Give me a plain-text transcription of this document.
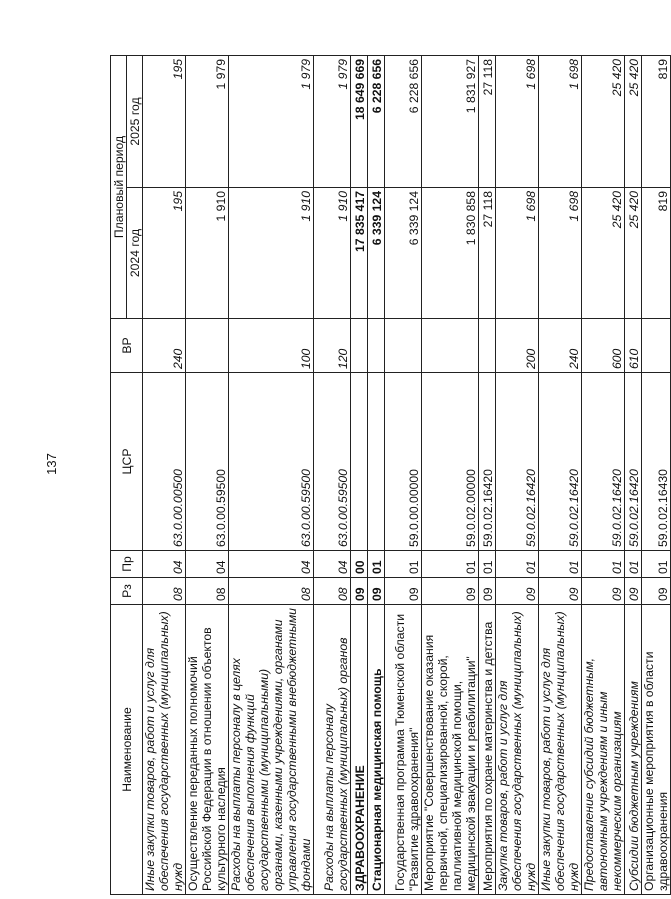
137
Наименование	Рз	Пр	ЦСР	ВР	Плановый период	
					2024 год	2025 год
Иные закупки товаров, работ и услуг для обеспечения государственных (муниципальных) нужд	08	04	63.0.00.00500	240	195	195
Осуществление переданных полномочий Российской Федерации в отношении объектов культурного наследия	08	04	63.0.00.59500		1 910	1 979
Расходы на выплаты персоналу в целях обеспечения выполнения функций государственными (муниципальными) органами, казенными учреждениями, органами управления государственными внебюджетными фондами	08	04	63.0.00.59500	100	1 910	1 979
Расходы на выплаты персоналу государственных (муниципальных) органов	08	04	63.0.00.59500	120	1 910	1 979
ЗДРАВООХРАНЕНИЕ	09	00			17 835 417	18 649 669
Стационарная медицинская помощь	09	01			6 339 124	6 228 656
Государственная программа Тюменской области "Развитие здравоохранения"	09	01	59.0.00.00000		6 339 124	6 228 656
Мероприятие "Совершенствование оказания первичной, специализированной, скорой, паллиативной медицинской помощи, медицинской эвакуации и реабилитации"	09	01	59.0.02.00000		1 830 858	1 831 927
Мероприятия по охране материнства и детства	09	01	59.0.02.16420		27 118	27 118
Закупка товаров, работ и услуг для обеспечения государственных (муниципальных) нужд	09	01	59.0.02.16420	200	1 698	1 698
Иные закупки товаров, работ и услуг для обеспечения государственных (муниципальных) нужд	09	01	59.0.02.16420	240	1 698	1 698
Предоставление субсидий бюджетным, автономным учреждениям и иным некоммерческим организациям	09	01	59.0.02.16420	600	25 420	25 420
Субсидии бюджетным учреждениям	09	01	59.0.02.16420	610	25 420	25 420
Организационные мероприятия в области здравоохранения	09	01	59.0.02.16430		819	819
